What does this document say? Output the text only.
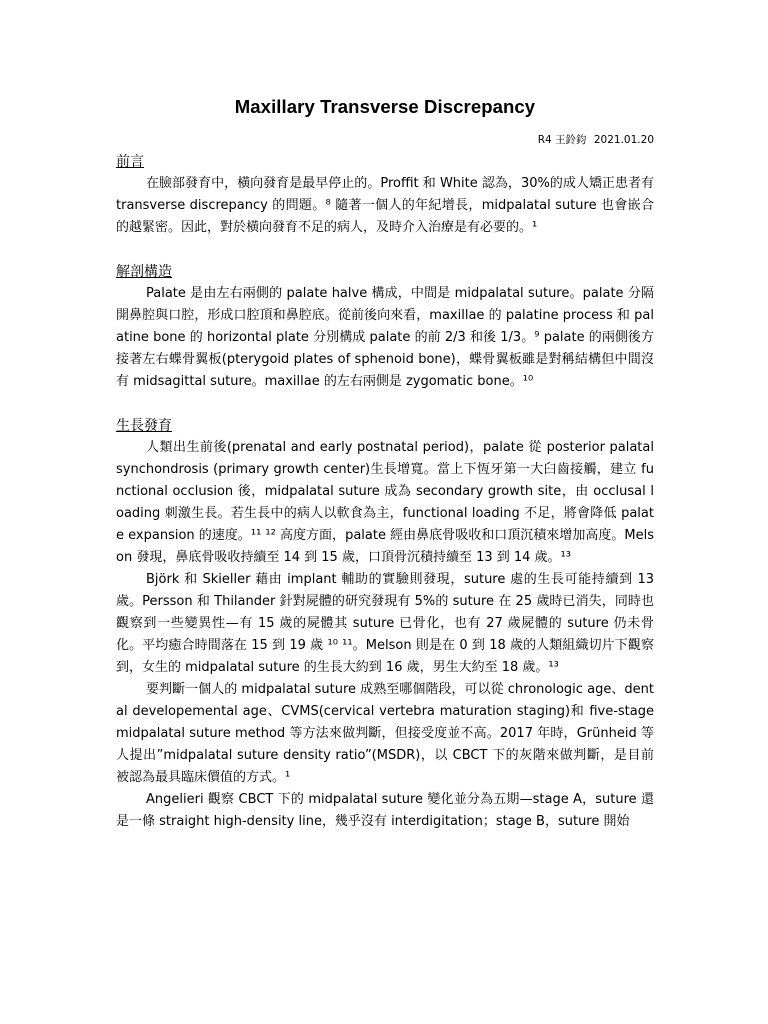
Maxillary Transverse Discrepancy
R4 王鈴鈞 2021.01.20

前言

在臉部發育中，橫向發育是最早停止的。Proffit 和 White 認為，30%的成人矯正患者有 transverse discrepancy 的問題。⁸ 隨著一個人的年紀增長，midpalatal suture 也會嵌合的越緊密。因此，對於橫向發育不足的病人，及時介入治療是有必要的。¹

解剖構造

Palate 是由左右兩側的 palate halve 構成，中間是 midpalatal suture。palate 分隔開鼻腔與口腔，形成口腔頂和鼻腔底。從前後向來看，maxillae 的 palatine process 和 palatine bone 的 horizontal plate 分別構成 palate 的前 2/3 和後 1/3。⁹ palate 的兩側後方接著左右蝶骨翼板(pterygoid plates of sphenoid bone)，蝶骨翼板雖是對稱結構但中間沒有 midsagittal suture。maxillae 的左右兩側是 zygomatic bone。¹⁰

生長發育

人類出生前後(prenatal and early postnatal period)，palate 從 posterior palatal synchondrosis (primary growth center)生長增寬。當上下恆牙第一大臼齒接觸，建立 functional occlusion 後，midpalatal suture 成為 secondary growth site，由 occlusal loading 刺激生長。若生長中的病人以軟食為主，functional loading 不足，將會降低 palate expansion 的速度。¹¹ ¹² 高度方面，palate 經由鼻底骨吸收和口頂沉積來增加高度。Melson 發現，鼻底骨吸收持續至 14 到 15 歲，口頂骨沉積持續至 13 到 14 歲。¹³

Björk 和 Skieller 藉由 implant 輔助的實驗則發現，suture 處的生長可能持續到 13 歲。Persson 和 Thilander 針對屍體的研究發現有 5%的 suture 在 25 歲時已消失，同時也觀察到一些變異性—有 15 歲的屍體其 suture 已骨化，也有 27 歲屍體的 suture 仍未骨化。平均癒合時間落在 15 到 19 歲 ¹⁰ ¹¹。Melson 則是在 0 到 18 歲的人類組織切片下觀察到，女生的 midpalatal suture 的生長大約到 16 歲，男生大約至 18 歲。¹³

要判斷一個人的 midpalatal suture 成熟至哪個階段，可以從 chronologic age、dental developemental age、CVMS(cervical vertebra maturation staging)和 five-stage midpalatal suture method 等方法來做判斷，但接受度並不高。2017 年時，Grünheid 等人提出”midpalatal suture density ratio”(MSDR)，以 CBCT 下的灰階來做判斷，是目前被認為最具臨床價值的方式。¹

Angelieri 觀察 CBCT 下的 midpalatal suture 變化並分為五期—stage A，suture 還是一條 straight high-density line，幾乎沒有 interdigitation；stage B，suture 開始
